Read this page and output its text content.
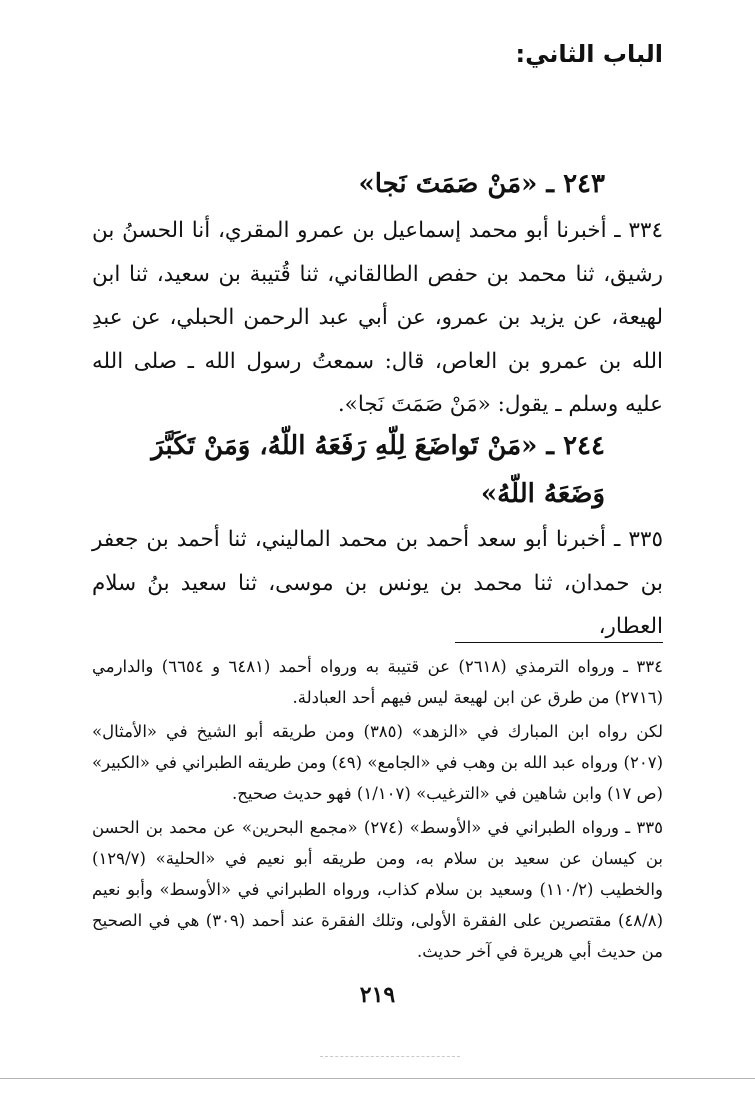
الباب الثاني:
٢٤٣ ـ «مَنْ صَمَتَ نَجا»
٣٣٤ ـ أخبرنا أبو محمد إسماعيل بن عمرو المقري، أنا الحسنُ بن رشيق، ثنا محمد بن حفص الطالقاني، ثنا قُتيبة بن سعيد، ثنا ابن لهيعة، عن يزيد بن عمرو، عن أبي عبد الرحمن الحبلي، عن عبدِ الله بن عمرو بن العاص، قال: سمعتُ رسول الله ـ صلى الله عليه وسلم ـ يقول: «مَنْ صَمَتَ نَجا».
٢٤٤ ـ «مَنْ تَواضَعَ لِلّهِ رَفَعَهُ اللّهُ، وَمَنْ تَكَبَّرَ
وَضَعَهُ اللّهُ»
٣٣٥ ـ أخبرنا أبو سعد أحمد بن محمد الماليني، ثنا أحمد بن جعفر بن حمدان، ثنا محمد بن يونس بن موسى، ثنا سعيد بنُ سلام العطار،

٣٣٤ ـ ورواه الترمذي (٢٦١٨) عن قتيبة به ورواه أحمد (٦٤٨١ و ٦٦٥٤) والدارمي (٢٧١٦) من طرق عن ابن لهيعة ليس فيهم أحد العبادلة.

لكن رواه ابن المبارك في «الزهد» (٣٨٥) ومن طريقه أبو الشيخ في «الأمثال» (٢٠٧) ورواه عبد الله بن وهب في «الجامع» (٤٩) ومن طريقه الطبراني في «الكبير» (ص ١٧) وابن شاهين في «الترغيب» (١/١٠٧) فهو حديث صحيح.

٣٣٥ ـ ورواه الطبراني في «الأوسط» (٢٧٤) «مجمع البحرين» عن محمد بن الحسن بن كيسان عن سعيد بن سلام به، ومن طريقه أبو نعيم في «الحلية» (١٢٩/٧) والخطيب (١١٠/٢) وسعيد بن سلام كذاب، ورواه الطبراني في «الأوسط» وأبو نعيم (٤٨/٨) مقتصرين على الفقرة الأولى، وتلك الفقرة عند أحمد (٣٠٩) هي في الصحيح من حديث أبي هريرة في آخر حديث.

٢١٩
